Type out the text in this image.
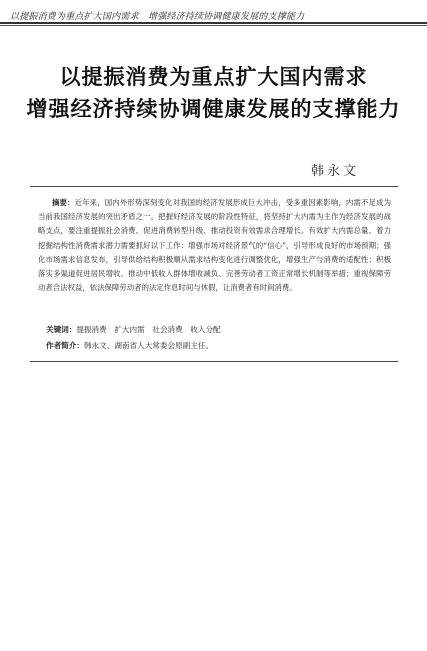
以提振消费为重点扩大国内需求　增强经济持续协调健康发展的支撑能力
以提振消费为重点扩大国内需求
增强经济持续协调健康发展的支撑能力
韩永文
摘要：近年来，国内外形势深刻变化对我国的经济发展形成巨大冲击，受多重因素影响，内需不足成为当前我国经济发展的突出矛盾之一。把握好经济发展的阶段性特征，将坚持扩大内需为主作为经济发展的战略支点，要注重提振社会消费、促进消费转型升级、推动投资有效需求合理增长。有效扩大内需总量、着力挖掘结构性消费需求潜力需要抓好以下工作：增强市场对经济景气的“信心”，引导形成良好的市场预期；强化市场需求信息发布，引导供给结构积极顺从需求结构变化进行调整优化，增强生产与消费的适配性；积极落实多渠道促进居民增收、推动中低收入群体增收减负、完善劳动者工资正常增长机制等举措；重视保障劳动者合法权益，依法保障劳动者的法定作息时间与休假，让消费者有时间消费。
关键词：提振消费　扩大内需　社会消费　收入分配
作者简介：韩永文，湖南省人大常委会原副主任。
